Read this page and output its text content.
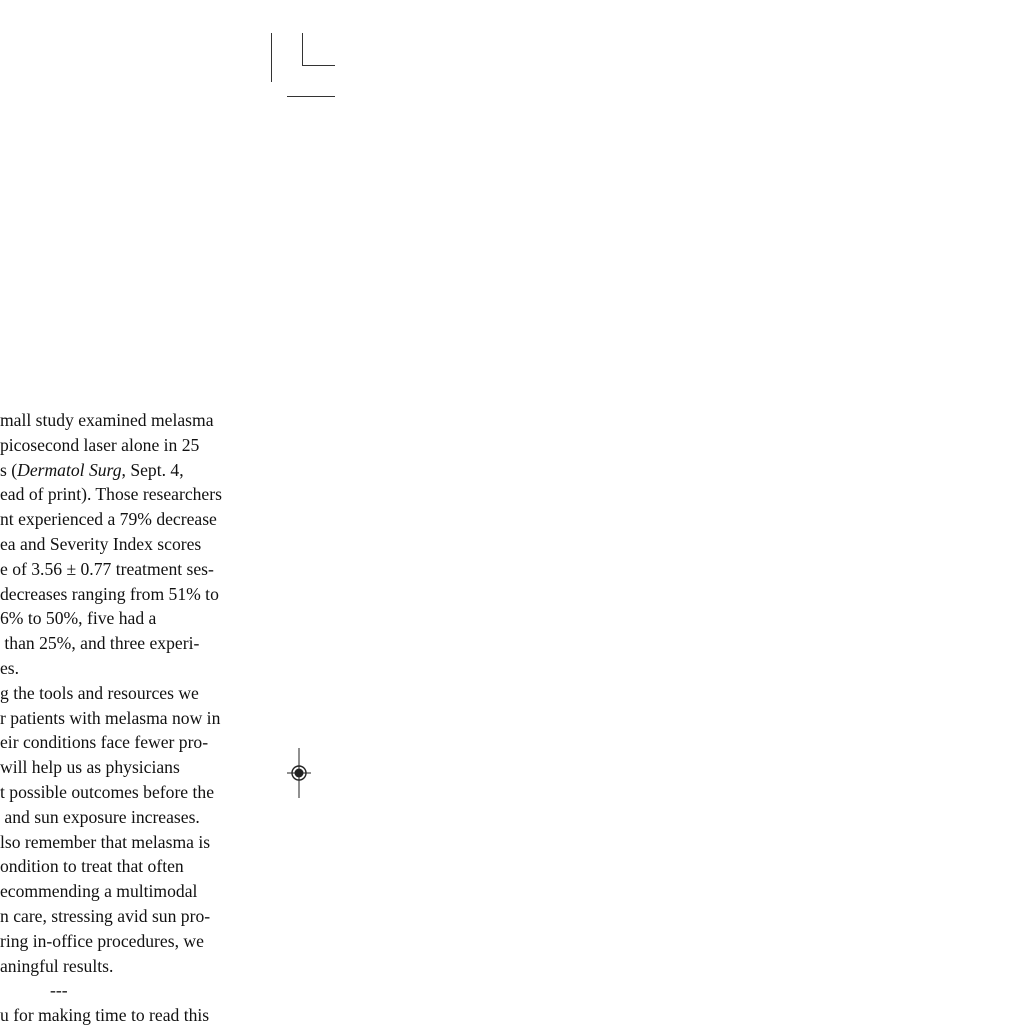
mall study examined melasma
picosecond laser alone in 25
s (Dermatol Surg, Sept. 4,
ead of print). Those researchers
nt experienced a 79% decrease
ea and Severity Index scores
e of 3.56 ± 0.77 treatment ses-
decreases ranging from 51% to
6% to 50%, five had a
than 25%, and three experi-
es.
g the tools and resources we
r patients with melasma now in
eir conditions face fewer pro-
will help us as physicians
t possible outcomes before the
and sun exposure increases.
lso remember that melasma is
ondition to treat that often
ecommending a multimodal
n care, stressing avid sun pro-
ring in-office procedures, we
aningful results.
---
u for making time to read this
